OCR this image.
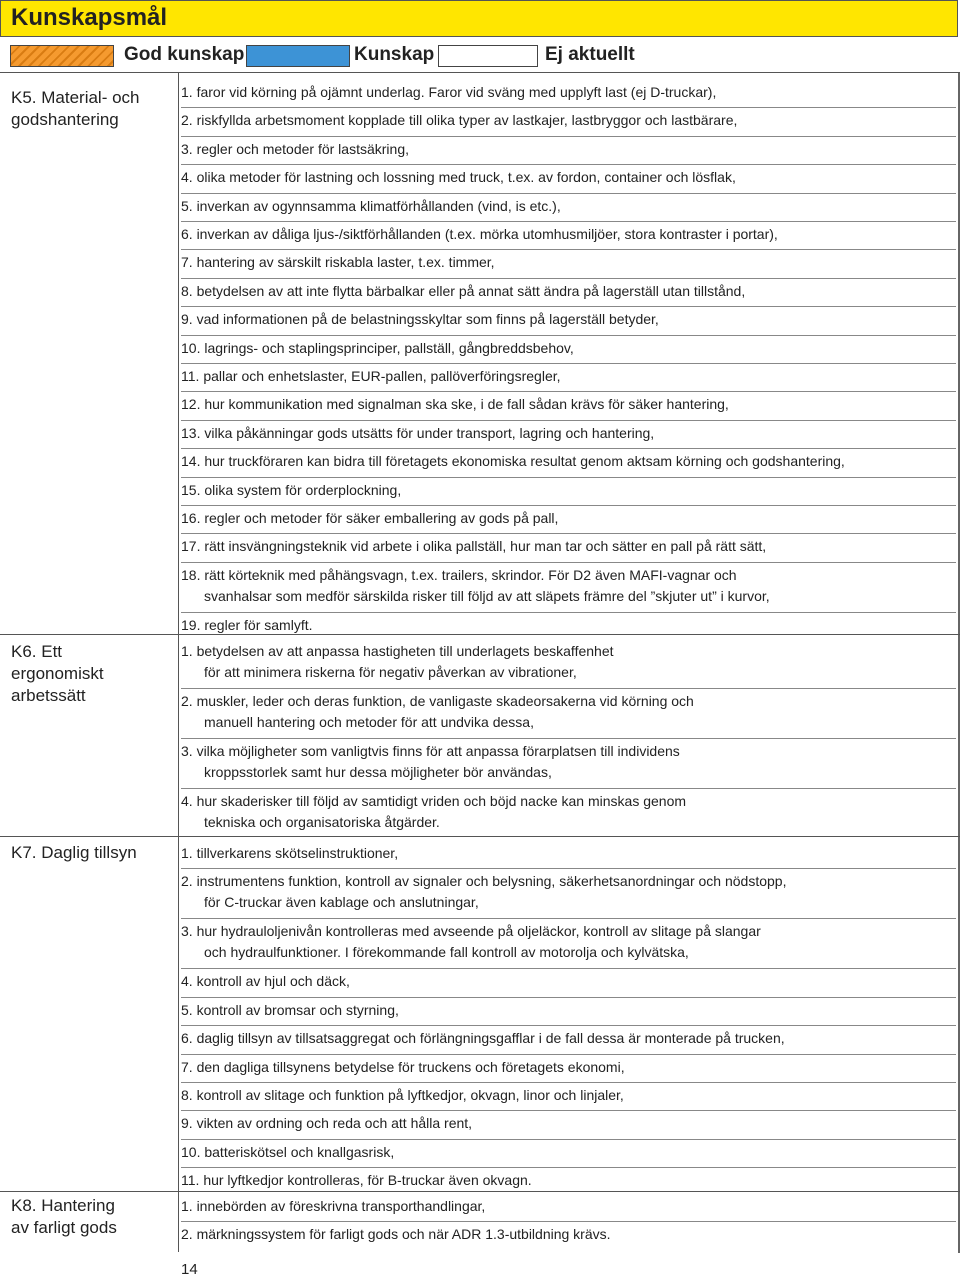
Kunskapsmål
God kunskap	Kunskap	Ej aktuellt
K5. Material- och
godshantering
K6. Ett
ergonomiskt
arbetssätt
K7. Daglig tillsyn
K8. Hantering
av farligt gods
1. faror vid körning på ojämnt underlag. Faror vid sväng med upplyft last (ej D-truckar),
2. riskfyllda arbetsmoment kopplade till olika typer av lastkajer, lastbryggor och lastbärare,
3. regler och metoder för lastsäkring,
4. olika metoder för lastning och lossning med truck, t.ex. av fordon, container och lösflak,
5. inverkan av ogynnsamma klimatförhållanden (vind, is etc.),
6. inverkan av dåliga ljus-/siktförhållanden (t.ex. mörka utomhusmiljöer, stora kontraster i portar),
7. hantering av särskilt riskabla laster, t.ex. timmer,
8. betydelsen av att inte flytta bärbalkar eller på annat sätt ändra på lagerställ utan tillstånd,
9. vad informationen på de belastningsskyltar som finns på lagerställ betyder,
10. lagrings- och staplingsprinciper, pallställ, gångbreddsbehov,
11. pallar och enhetslaster, EUR-pallen, pallöverföringsregler,
12. hur kommunikation med signalman ska ske, i de fall sådan krävs för säker hantering,
13. vilka påkänningar gods utsätts för under transport, lagring och hantering,
14. hur truckföraren kan bidra till företagets ekonomiska resultat genom aktsam körning och godshantering,
15. olika system för orderplockning,
16. regler och metoder för säker emballering av gods på pall,
17. rätt insvängningsteknik vid arbete i olika pallställ, hur man tar och sätter en pall på rätt sätt,
18. rätt körteknik med påhängsvagn, t.ex. trailers, skrindor. För D2 även MAFI-vagnar och
svanhalsar som medför särskilda risker till följd av att släpets främre del ”skjuter ut” i kurvor,
19. regler för samlyft.
1. betydelsen av att anpassa hastigheten till underlagets beskaffenhet
för att minimera riskerna för negativ påverkan av vibrationer,
2. muskler, leder och deras funktion, de vanligaste skadeorsakerna vid körning och
manuell hantering och metoder för att undvika dessa,
3. vilka möjligheter som vanligtvis finns för att anpassa förarplatsen till individens
kroppsstorlek samt hur dessa möjligheter bör användas,
4. hur skaderisker till följd av samtidigt vriden och böjd nacke kan minskas genom
tekniska och organisatoriska åtgärder.
1. tillverkarens skötselinstruktioner,
2. instrumentens funktion, kontroll av signaler och belysning, säkerhetsanordningar och nödstopp,
för C-truckar även kablage och anslutningar,
3. hur hydrauloljenivån kontrolleras med avseende på oljeläckor, kontroll av slitage på slangar
och hydraulfunktioner. I förekommande fall kontroll av motorolja och kylvätska,
4. kontroll av hjul och däck,
5. kontroll av bromsar och styrning,
6. daglig tillsyn av tillsatsaggregat och förlängningsgafflar i de fall dessa är monterade på trucken,
7. den dagliga tillsynens betydelse för truckens och företagets ekonomi,
8. kontroll av slitage och funktion på lyftkedjor, okvagn, linor och linjaler,
9. vikten av ordning och reda och att hålla rent,
10. batteriskötsel och knallgasrisk,
11. hur lyftkedjor kontrolleras, för B-truckar även okvagn.
1. innebörden av föreskrivna transporthandlingar,
2. märkningssystem för farligt gods och när ADR 1.3-utbildning krävs.
14
